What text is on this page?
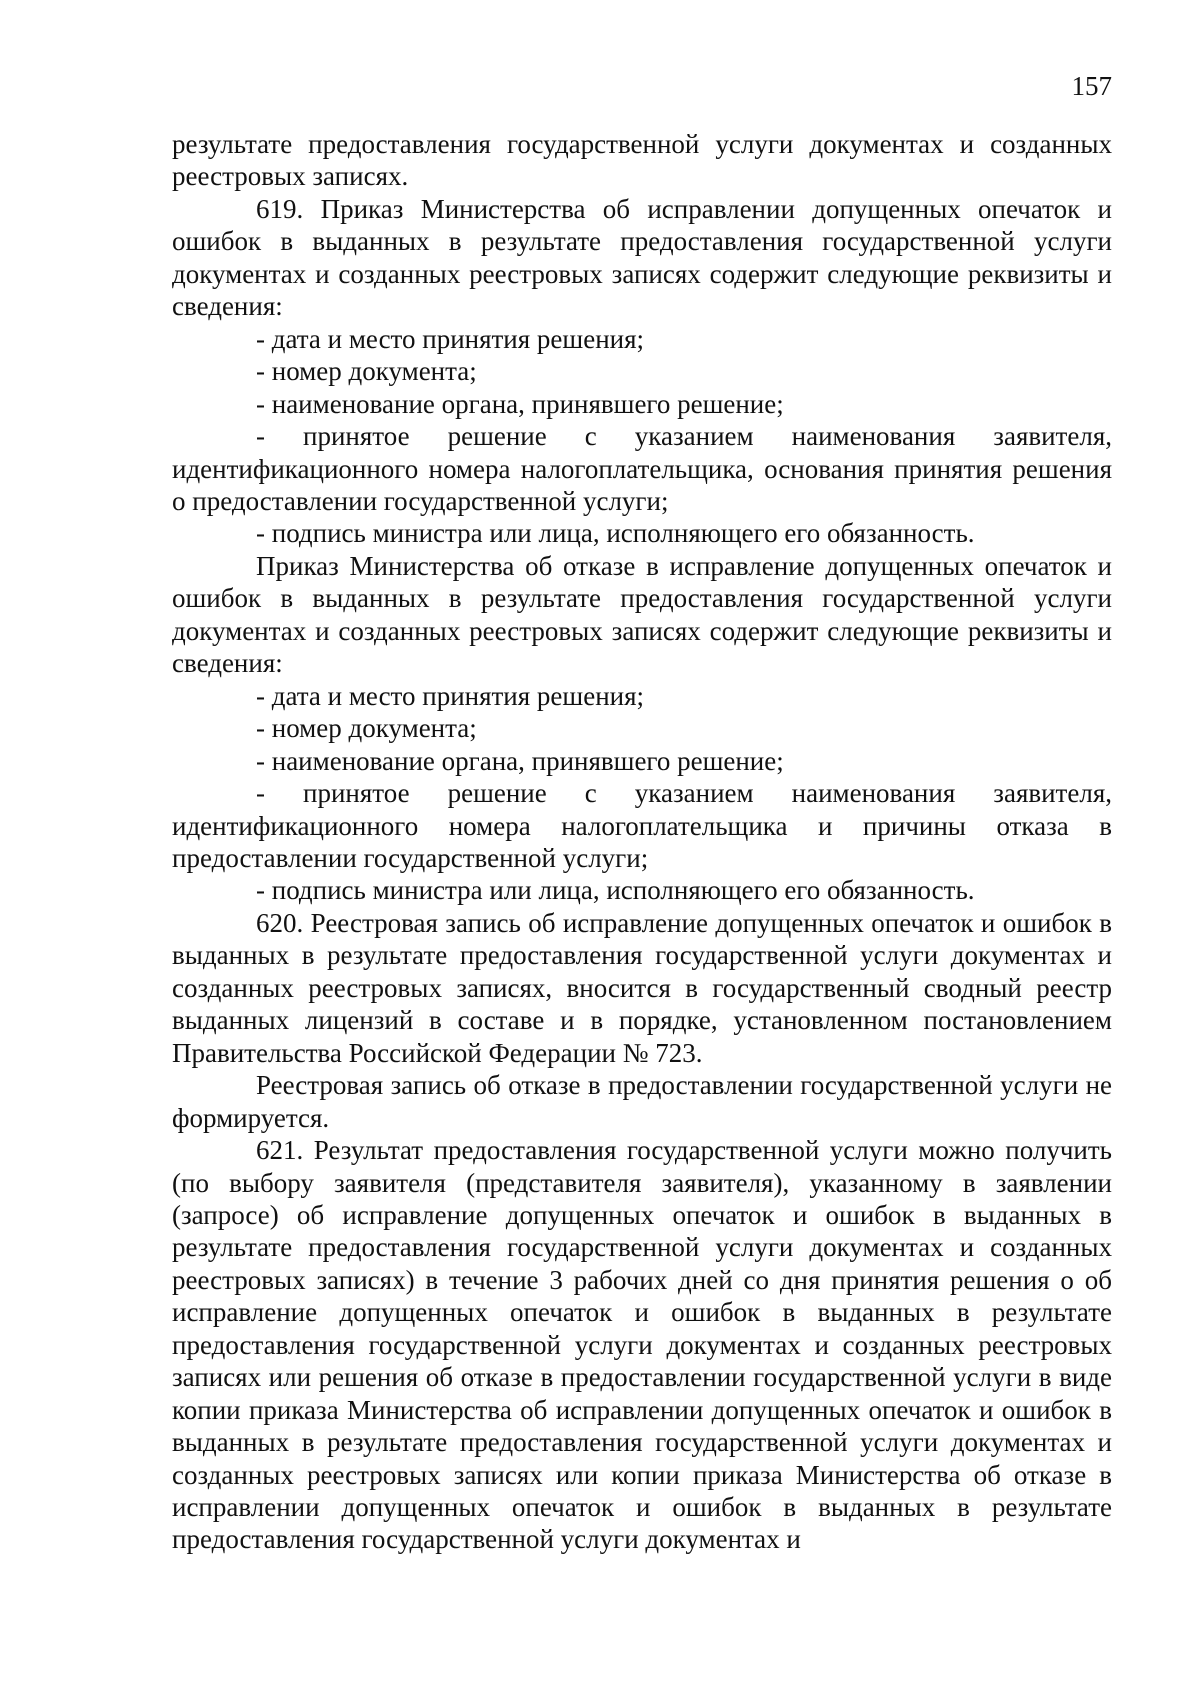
157

результате предоставления государственной услуги документах и созданных реестровых записях.

619. Приказ Министерства об исправлении допущенных опечаток и ошибок в выданных в результате предоставления государственной услуги документах и созданных реестровых записях содержит следующие реквизиты и сведения:

- дата и место принятия решения;

- номер документа;

- наименование органа, принявшего решение;

- принятое решение с указанием наименования заявителя, идентификационного номера налогоплательщика, основания принятия решения о предоставлении государственной услуги;

- подпись министра или лица, исполняющего его обязанность.

Приказ Министерства об отказе в исправление допущенных опечаток и ошибок в выданных в результате предоставления государственной услуги документах и созданных реестровых записях содержит следующие реквизиты и сведения:

- дата и место принятия решения;

- номер документа;

- наименование органа, принявшего решение;

- принятое решение с указанием наименования заявителя, идентификационного номера налогоплательщика и причины отказа в предоставлении государственной услуги;

- подпись министра или лица, исполняющего его обязанность.

620. Реестровая запись об исправление допущенных опечаток и ошибок в выданных в результате предоставления государственной услуги документах и созданных реестровых записях, вносится в государственный сводный реестр выданных лицензий в составе и в порядке, установленном постановлением Правительства Российской Федерации № 723.

Реестровая запись об отказе в предоставлении государственной услуги не формируется.

621. Результат предоставления государственной услуги можно получить (по выбору заявителя (представителя заявителя), указанному в заявлении (запросе) об исправление допущенных опечаток и ошибок в выданных в результате предоставления государственной услуги документах и созданных реестровых записях) в течение 3 рабочих дней со дня принятия решения о об исправление допущенных опечаток и ошибок в выданных в результате предоставления государственной услуги документах и созданных реестровых записях или решения об отказе в предоставлении государственной услуги в виде копии приказа Министерства об исправлении допущенных опечаток и ошибок в выданных в результате предоставления государственной услуги документах и созданных реестровых записях или копии приказа Министерства об отказе в исправлении допущенных опечаток и ошибок в выданных в результате предоставления государственной услуги документах и
